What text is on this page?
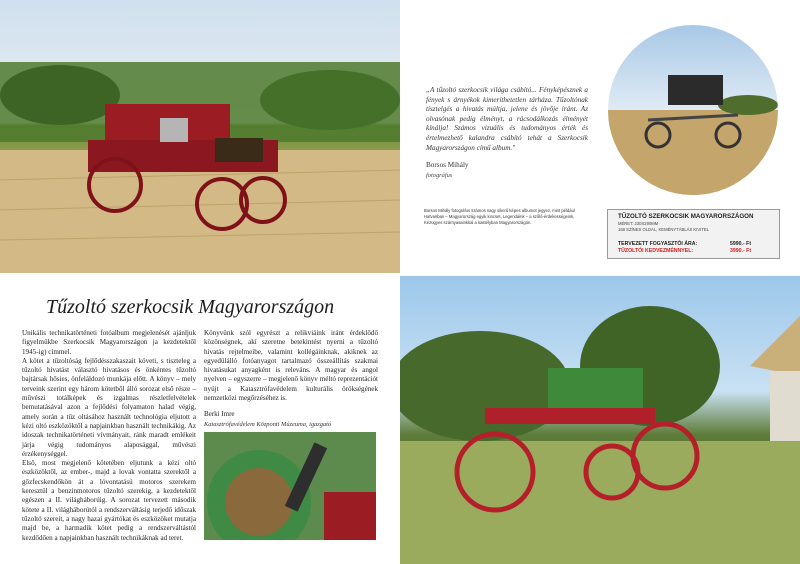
„A tűzoltó szerkocsik világa csábító... Fényképésznek a fények s árnyékok kimeríthetetlen tárháza. Tűzoltónak tisztelgés a hivatás múltja, jelene és jövője iránt. Az olvasónak pedig élményt, a rácsodálkozás élményét kínálja! Számos vizuális és tudományos érték és értelmezhető kalandra csábító tehát a Szerkocsik Magyarországon című album."
Borsos Mihály
fotográfus
Borsos Mihály fotográfus számos nagy sikerű képes albumot jegyez, mint például Hatvanban – Magyarország egyik kincset, Legendáink – a szőlő-érdekességeink, Kézügyes szárnyasainkkal a kastélyban Magyarországon.
TŰZOLTÓ SZERKOCSIK MAGYARORSZÁGON
MÉRET: 230X290MM
168 SZÍNES OLDAL, KEMÉNYTÁBLÁS KIVITEL
TERVEZETT FOGYASZTÓI ÁRA:	5990.- Ft
TŰZOLTÓI KEDVEZMÉNNYEL:	3990.- Ft
Tűzoltó szerkocsik Magyarországon

Unikális technikatörténeti fotóalbum megjelenését ajánljuk figyelmükbe Szerkocsik Magyarországon ja kezdetektől 1945-ig) címmel.

A kötet a tűzoltóság fejlődésszakaszait követi, s tiszteleg a tűzoltó hivatást választó hivatásos és önkéntes tűzoltó bajtársak hősies, önfeláldozó munkája előtt. A könyv – mely terveink szerint egy három kötetből álló sorozat első része – művészi totálképek és izgalmas részletfelvételek bemutatásával azon a fejlődési folyamaton halad végig, amely során a tűz oltásához használt technológia eljutott a kézi oltó eszközöktől a napjainkban használt technikákig. Az idoszak technikatörténeti vívmányait, ránk maradt emlékeit járja végig tudományos alaposággal, művészi érzékenységgel.

Első, most megjelenő kötetében eljutunk a kézi oltó eszközöktől, az ember-, majd a lovak vontatta szerektől a gőzfecskendőkön át a lóvontatású motoros szerekem keresztül a benzinmotoros tűzoltó szerekig, a kezdetektől egészen a II. világháborúig. A sorozat tervezett második kötete a II. világháborútól a rendszerváltásig terjedő időszak tűzoltó szereit, a nagy hazai gyártókat és eszközöket mutatja majd be, a harmadik kötet pedig a rendszerváltástól kezdődően a napjainkban használt technikáknak ad teret.

Könyvünk szól egyrészt a relikviáink iránt érdeklődő közönségnek, akí szeretne betekintést nyerni a tűzoltó hivatás rejtelmeibe, valamint kollégáinknak, akiknek az egyedülálló fotóanyagot tartalmazó összeállítás szakmai hivatásukat anyagként is releváns. A magyar és angol nyelven – egyszerre – megjelenő könyv méltó reprezentációt nyújt a Katasztrófavédelem kulturális örökségének nemzetközi megőrzéséhez is.

Berki Imre
Katasztrófavédelem Központi Múzeuma, igazgató
